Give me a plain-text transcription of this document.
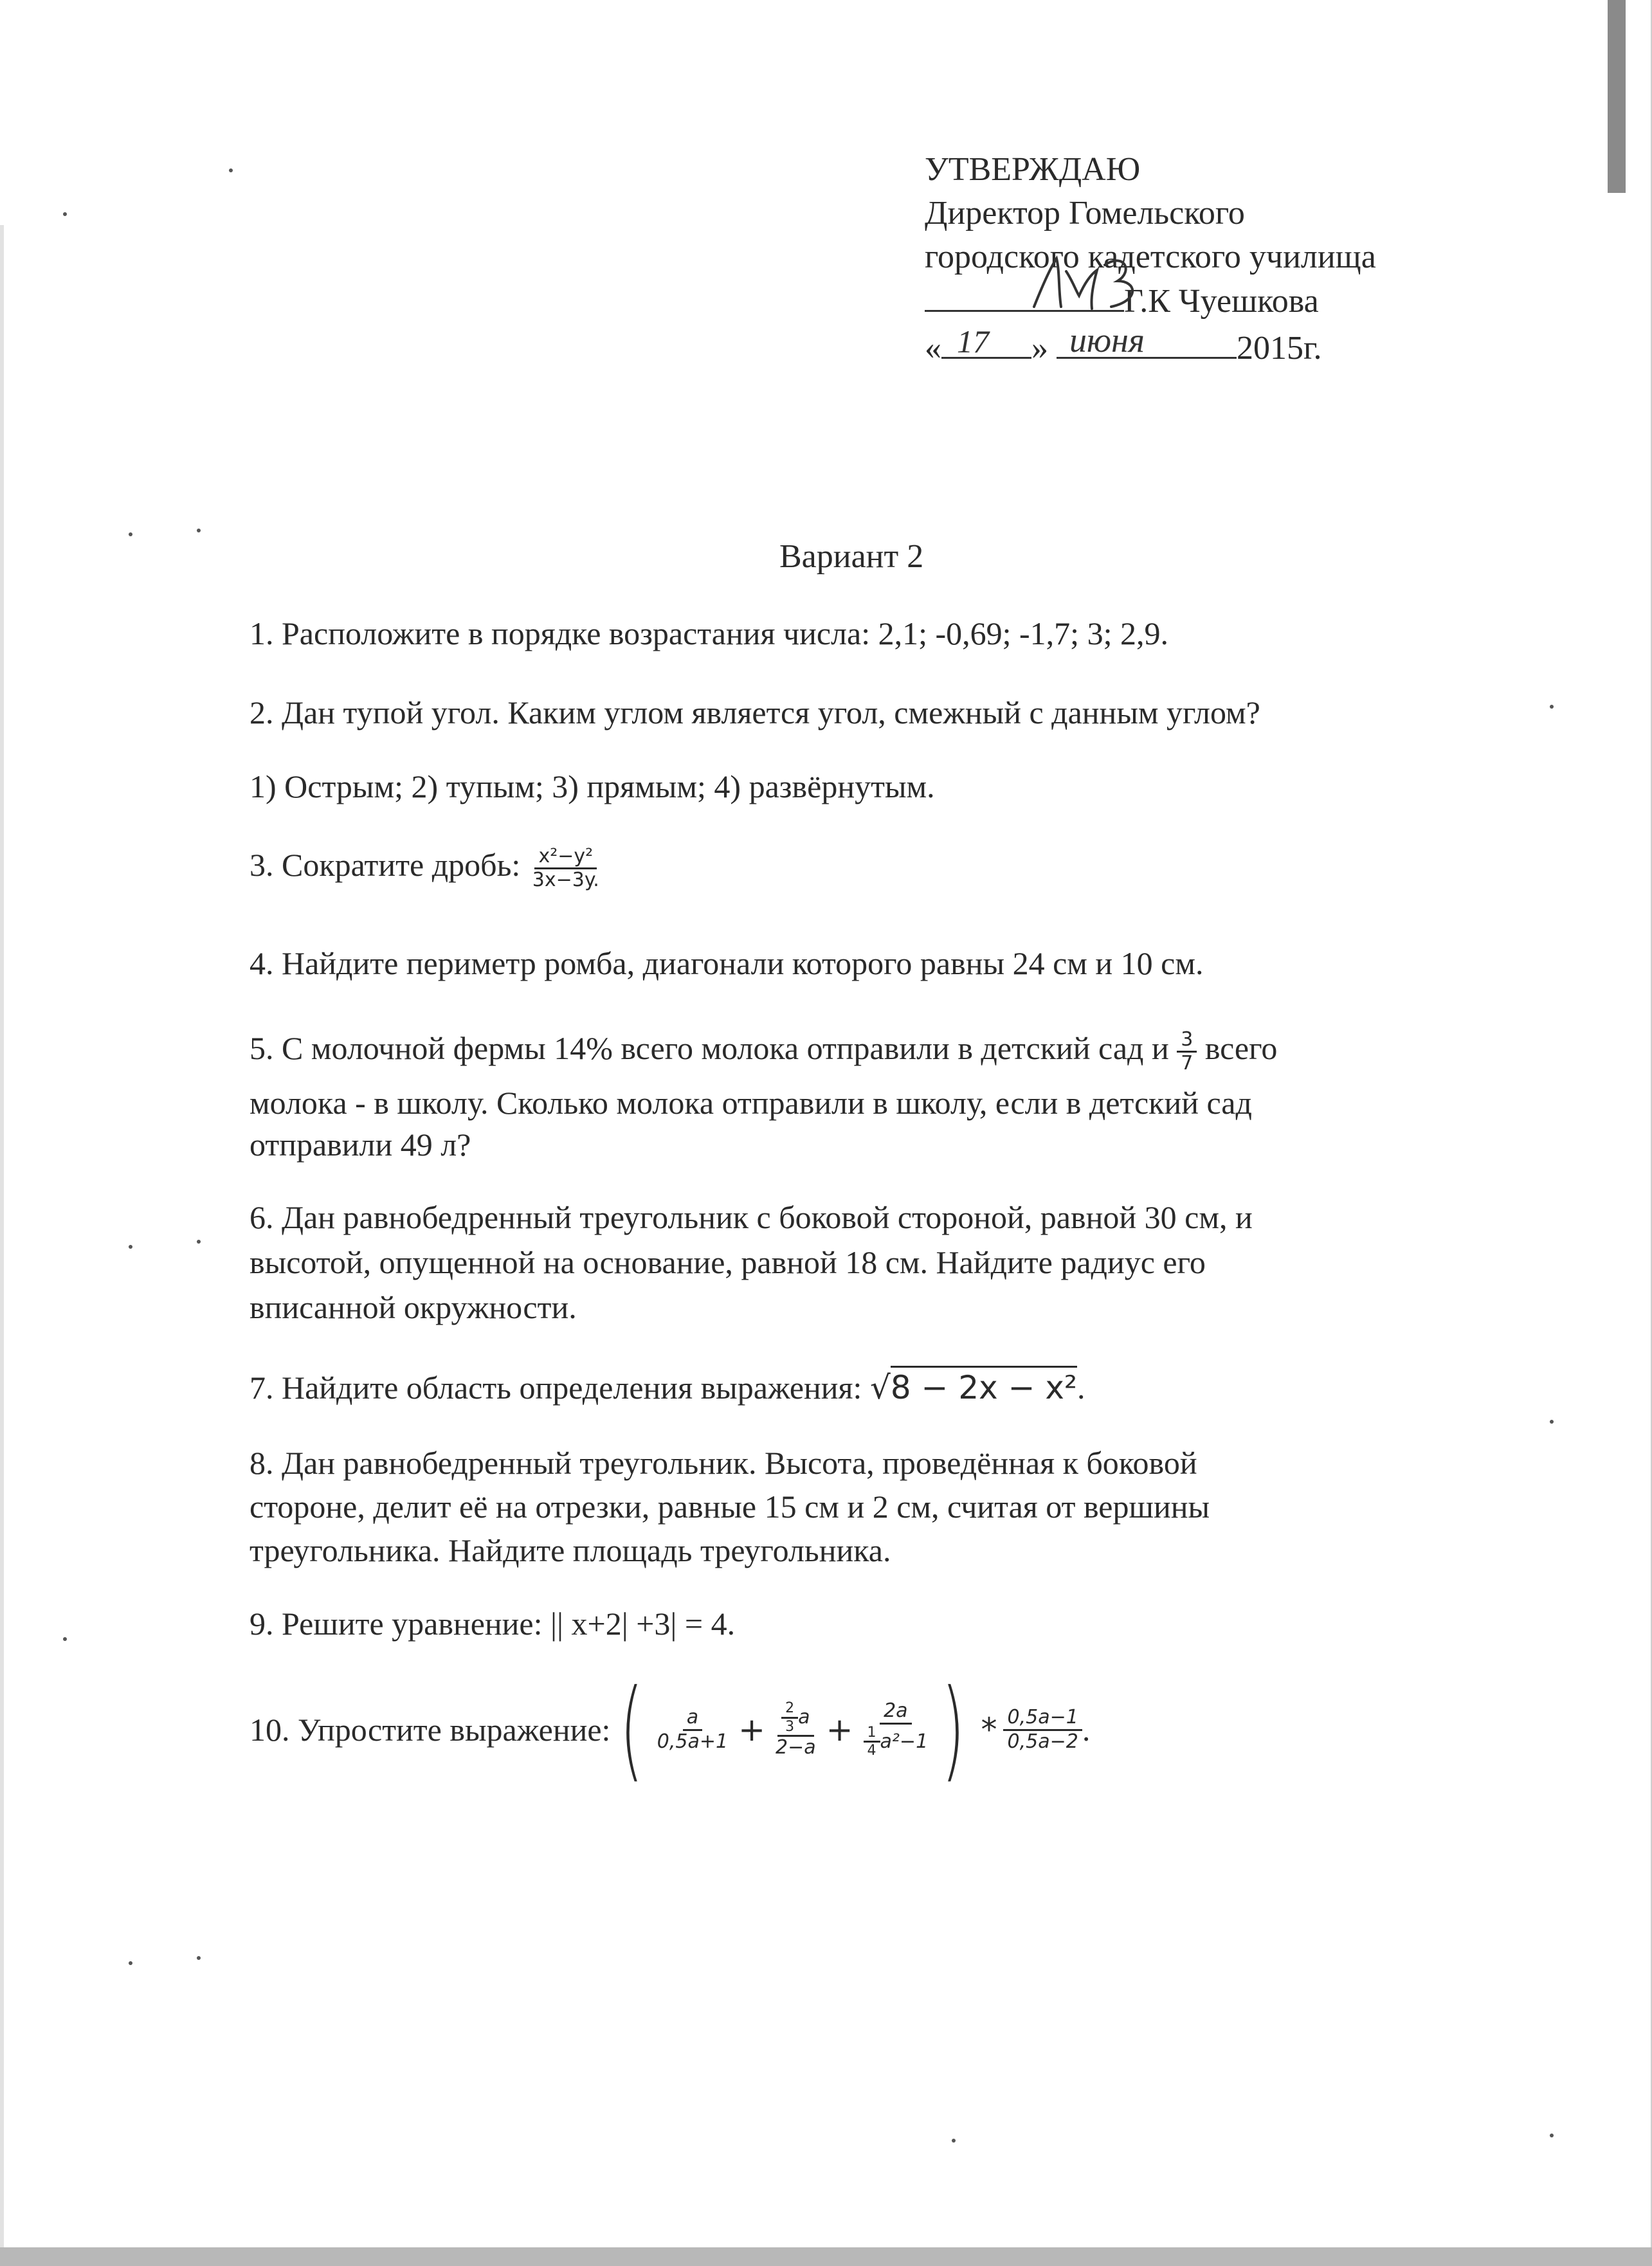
УТВЕРЖДАЮ
Директор Гомельского
городского кадетского училища
Г.К Чуешкова
« 17 » июня	2015г.
Вариант 2
1. Расположите в порядке возрастания числа: 2,1; -0,69; -1,7; 3; 2,9.
2. Дан тупой угол. Каким углом является угол, смежный с данным углом?
1) Острым; 2) тупым; 3) прямым; 4) развёрнутым.
3. Сократите дробь: $\frac{\text{x²−y²}}{3x-3y.}$
4. Найдите периметр ромба, диагонали которого равны 24 см и 10 см.
5. С молочной фермы 14% всего молока отправили в детский сад и $\frac{3}{7}$ всего
молока - в школу. Сколько молока отправили в школу, если в детский сад
отправили 49 л?
6. Дан равнобедренный треугольник с боковой стороной, равной 30 см, и
высотой, опущенной на основание, равной 18 см. Найдите радиус его
вписанной окружности.
7. Найдите область определения выражения: √8 − 2x − x².
8. Дан равнобедренный треугольник. Высота, проведённая к боковой
стороне, делит её на отрезки, равные 15 см и 2 см, считая от вершины
треугольника. Найдите площадь треугольника.
9. Решите уравнение: || x+2| +3| = 4.
10. Упростите выражение: ( $\frac{a}{0,5a+1} + \frac{\frac{2}{3} a}{2-a} + \frac{2a}{\frac{1}{4} a^2-1}$ ) * $\frac{0,5a-1}{0,5a-2}$ .
